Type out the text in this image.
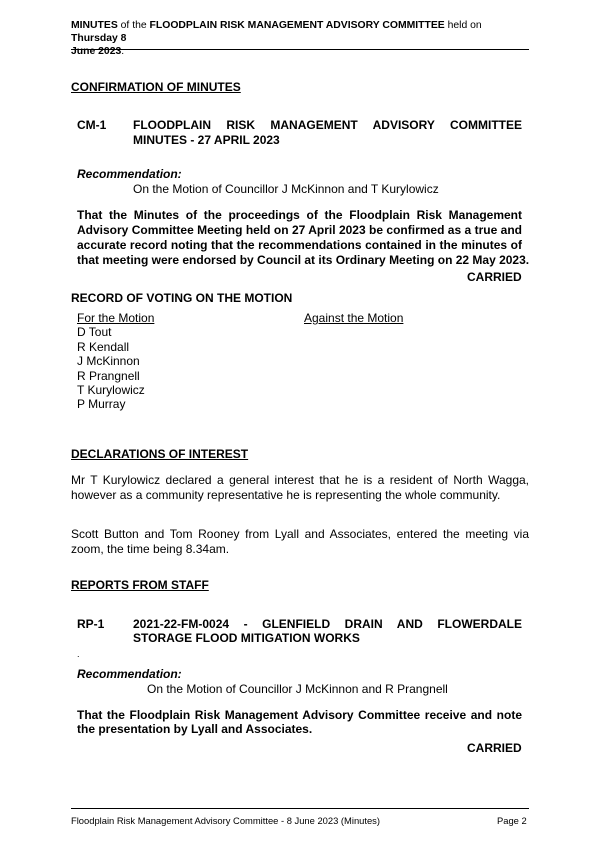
MINUTES of the FLOODPLAIN RISK MANAGEMENT ADVISORY COMMITTEE held on Thursday 8
June 2023.
CONFIRMATION OF MINUTES
CM-1 FLOODPLAIN RISK MANAGEMENT ADVISORY COMMITTEE
MINUTES - 27 APRIL 2023
Recommendation:
On the Motion of Councillor J McKinnon and T Kurylowicz
That the Minutes of the proceedings of the Floodplain Risk Management
Advisory Committee Meeting held on 27 April 2023 be confirmed as a true and
accurate record noting that the recommendations contained in the minutes of
that meeting were endorsed by Council at its Ordinary Meeting on 22 May 2023.
CARRIED
RECORD OF VOTING ON THE MOTION
For the Motion	Against the Motion
D Tout
R Kendall
J McKinnon
R Prangnell
T Kurylowicz
P Murray
DECLARATIONS OF INTEREST
Mr T Kurylowicz declared a general interest that he is a resident of North Wagga,
however as a community representative he is representing the whole community.
Scott Button and Tom Rooney from Lyall and Associates, entered the meeting via
zoom, the time being 8.34am.
REPORTS FROM STAFF
RP-1 2021-22-FM-0024 - GLENFIELD DRAIN AND FLOWERDALE
STORAGE FLOOD MITIGATION WORKS
.
Recommendation:
On the Motion of Councillor J McKinnon and R Prangnell
That the Floodplain Risk Management Advisory Committee receive and note
the presentation by Lyall and Associates.
CARRIED
Floodplain Risk Management Advisory Committee - 8 June 2023 (Minutes)	Page 2
